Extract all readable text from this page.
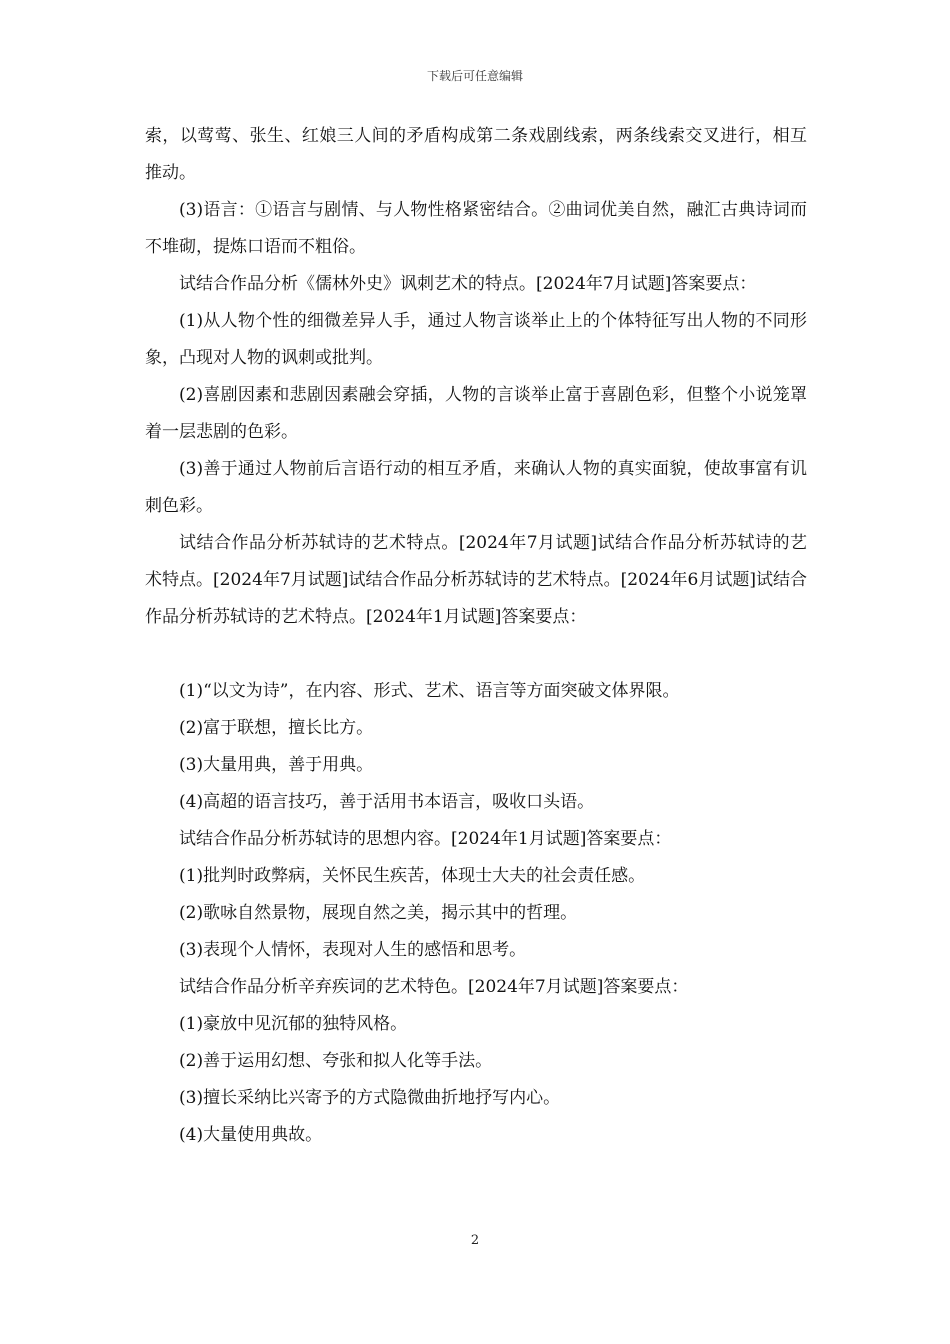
下载后可任意编辑

索，以莺莺、张生、红娘三人间的矛盾构成第二条戏剧线索，两条线索交叉进行，相互推动。

(3)语言：①语言与剧情、与人物性格紧密结合。②曲词优美自然，融汇古典诗词而不堆砌，提炼口语而不粗俗。

试结合作品分析《儒林外史》讽刺艺术的特点。[2024年7月试题]答案要点：

(1)从人物个性的细微差异人手，通过人物言谈举止上的个体特征写出人物的不同形象，凸现对人物的讽刺或批判。

(2)喜剧因素和悲剧因素融会穿插，人物的言谈举止富于喜剧色彩，但整个小说笼罩着一层悲剧的色彩。

(3)善于通过人物前后言语行动的相互矛盾，来确认人物的真实面貌，使故事富有讥刺色彩。

试结合作品分析苏轼诗的艺术特点。[2024年7月试题]试结合作品分析苏轼诗的艺术特点。[2024年7月试题]试结合作品分析苏轼诗的艺术特点。[2024年6月试题]试结合作品分析苏轼诗的艺术特点。[2024年1月试题]答案要点：

(1)“以文为诗”，在内容、形式、艺术、语言等方面突破文体界限。

(2)富于联想，擅长比方。

(3)大量用典，善于用典。

(4)高超的语言技巧，善于活用书本语言，吸收口头语。

试结合作品分析苏轼诗的思想内容。[2024年1月试题]答案要点：

(1)批判时政弊病，关怀民生疾苦，体现士大夫的社会责任感。

(2)歌咏自然景物，展现自然之美，揭示其中的哲理。

(3)表现个人情怀，表现对人生的感悟和思考。

试结合作品分析辛弃疾词的艺术特色。[2024年7月试题]答案要点：

(1)豪放中见沉郁的独特风格。

(2)善于运用幻想、夸张和拟人化等手法。

(3)擅长采纳比兴寄予的方式隐微曲折地抒写内心。

(4)大量使用典故。

2
